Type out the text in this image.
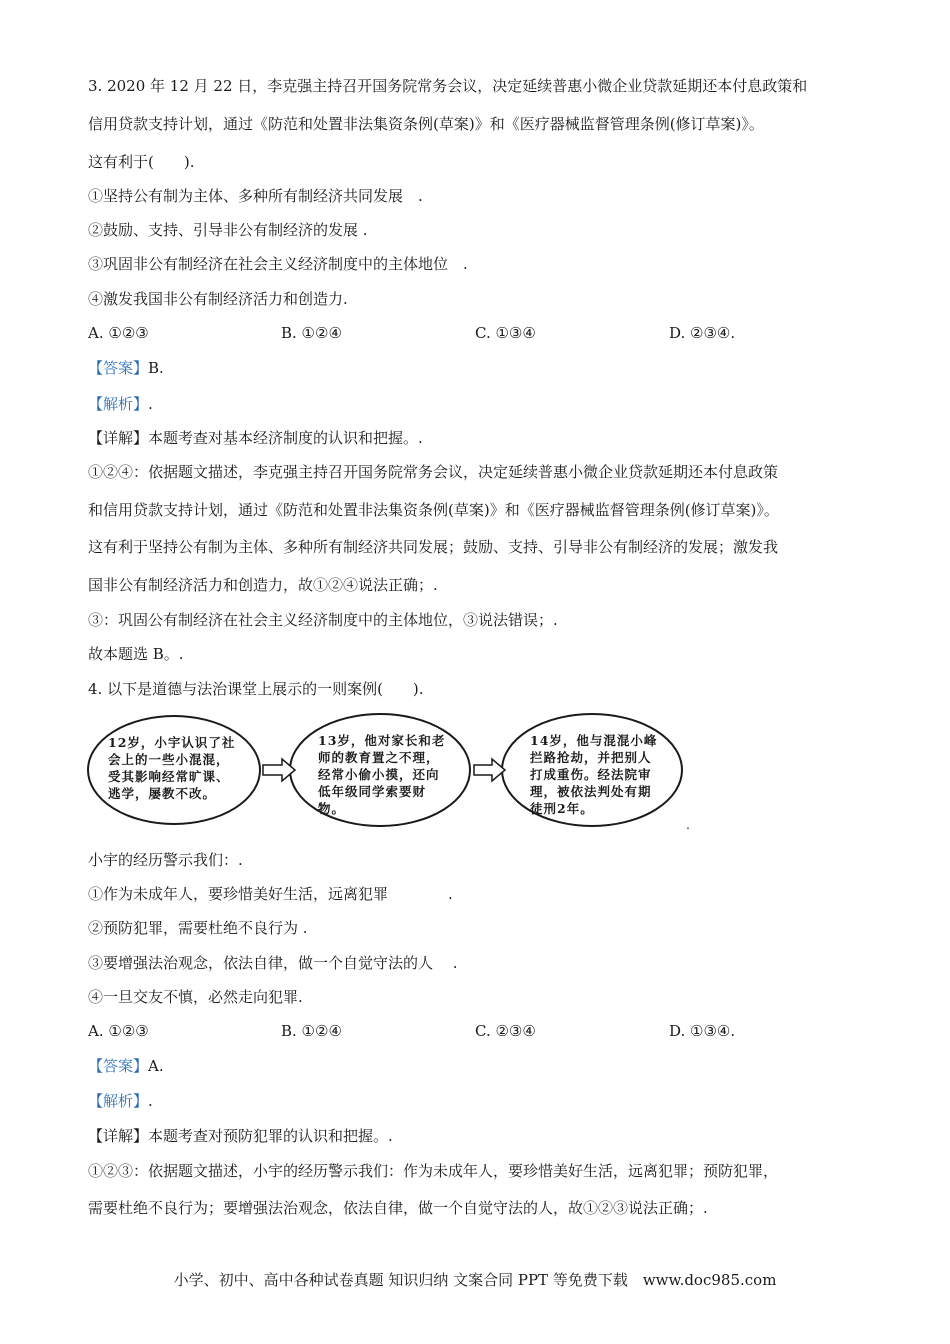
3. 2020 年 12 月 22 日，李克强主持召开国务院常务会议，决定延续普惠小微企业贷款延期还本付息政策和
信用贷款支持计划，通过《防范和处置非法集资条例(草案)》和《医疗器械监督管理条例(修订草案)》。
这有利于(　　).
①坚持公有制为主体、多种所有制经济共同发展　.
②鼓励、支持、引导非公有制经济的发展 .
③巩固非公有制经济在社会主义经济制度中的主体地位　.
④激发我国非公有制经济活力和创造力.
A. ①②③	B. ①②④	C. ①③④	D. ②③④.
【答案】B.
【解析】.
【详解】本题考查对基本经济制度的认识和把握。.
①②④：依据题文描述，李克强主持召开国务院常务会议，决定延续普惠小微企业贷款延期还本付息政策
和信用贷款支持计划，通过《防范和处置非法集资条例(草案)》和《医疗器械监督管理条例(修订草案)》。
这有利于坚持公有制为主体、多种所有制经济共同发展；鼓励、支持、引导非公有制经济的发展；激发我
国非公有制经济活力和创造力，故①②④说法正确；.
③：巩固公有制经济在社会主义经济制度中的主体地位，③说法错误；.
故本题选 B。.
4. 以下是道德与法治课堂上展示的一则案例(　　).
12岁，小宇认识了社会上的一些小混混，受其影响经常旷课、逃学，屡教不改。
13岁，他对家长和老师的教育置之不理，经常小偷小摸，还向低年级同学索要财物。
14岁，他与混混小峰拦路抢劫，并把别人打成重伤。经法院审理，被依法判处有期徒刑2年。
.
小宇的经历警示我们：.
①作为未成年人，要珍惜美好生活，远离犯罪　　　　.
②预防犯罪，需要杜绝不良行为 .
③要增强法治观念，依法自律，做一个自觉守法的人　 .
④一旦交友不慎，必然走向犯罪.
A. ①②③	B. ①②④	C. ②③④	D. ①③④.
【答案】A.
【解析】.
【详解】本题考查对预防犯罪的认识和把握。.
①②③：依据题文描述，小宇的经历警示我们：作为未成年人，要珍惜美好生活，远离犯罪；预防犯罪，
需要杜绝不良行为；要增强法治观念，依法自律，做一个自觉守法的人，故①②③说法正确；.
小学、初中、高中各种试卷真题 知识归纳 文案合同 PPT 等免费下载　www.doc985.com
